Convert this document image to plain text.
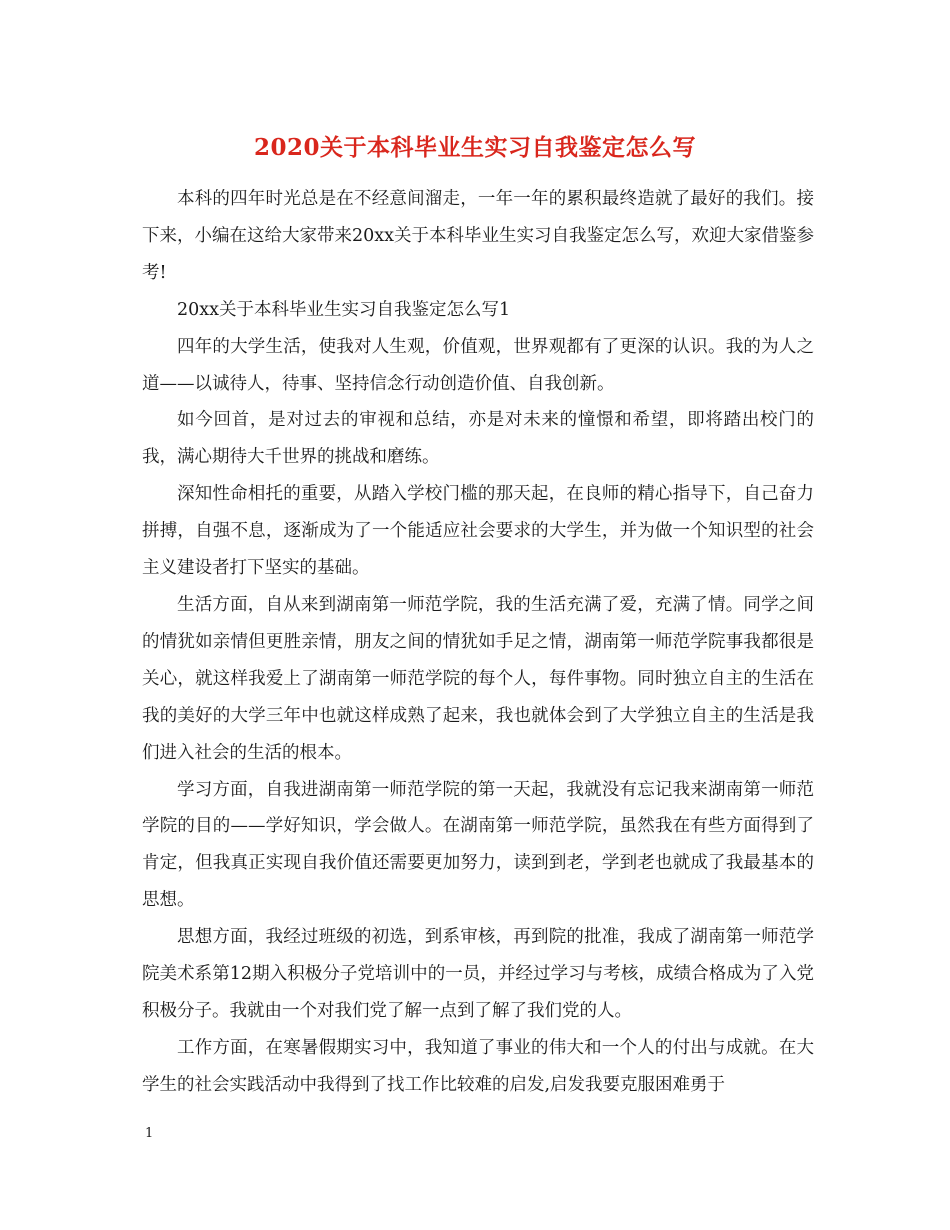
2020关于本科毕业生实习自我鉴定怎么写

本科的四年时光总是在不经意间溜走，一年一年的累积最终造就了最好的我们。接下来，小编在这给大家带来20xx关于本科毕业生实习自我鉴定怎么写，欢迎大家借鉴参考!

20xx关于本科毕业生实习自我鉴定怎么写1

四年的大学生活，使我对人生观，价值观，世界观都有了更深的认识。我的为人之道——以诚待人，待事、坚持信念行动创造价值、自我创新。

如今回首，是对过去的审视和总结，亦是对未来的憧憬和希望，即将踏出校门的我，满心期待大千世界的挑战和磨练。

深知性命相托的重要，从踏入学校门槛的那天起，在良师的精心指导下，自己奋力拼搏，自强不息，逐渐成为了一个能适应社会要求的大学生，并为做一个知识型的社会主义建设者打下坚实的基础。

生活方面，自从来到湖南第一师范学院，我的生活充满了爱，充满了情。同学之间的情犹如亲情但更胜亲情，朋友之间的情犹如手足之情，湖南第一师范学院事我都很是关心，就这样我爱上了湖南第一师范学院的每个人，每件事物。同时独立自主的生活在我的美好的大学三年中也就这样成熟了起来，我也就体会到了大学独立自主的生活是我们进入社会的生活的根本。

学习方面，自我进湖南第一师范学院的第一天起，我就没有忘记我来湖南第一师范学院的目的——学好知识，学会做人。在湖南第一师范学院，虽然我在有些方面得到了肯定，但我真正实现自我价值还需要更加努力，读到到老，学到老也就成了我最基本的思想。

思想方面，我经过班级的初选，到系审核，再到院的批准，我成了湖南第一师范学院美术系第12期入积极分子党培训中的一员，并经过学习与考核，成绩合格成为了入党积极分子。我就由一个对我们党了解一点到了解了我们党的人。

工作方面，在寒暑假期实习中，我知道了事业的伟大和一个人的付出与成就。在大学生的社会实践活动中我得到了找工作比较难的启发,启发我要克服困难勇于

1
